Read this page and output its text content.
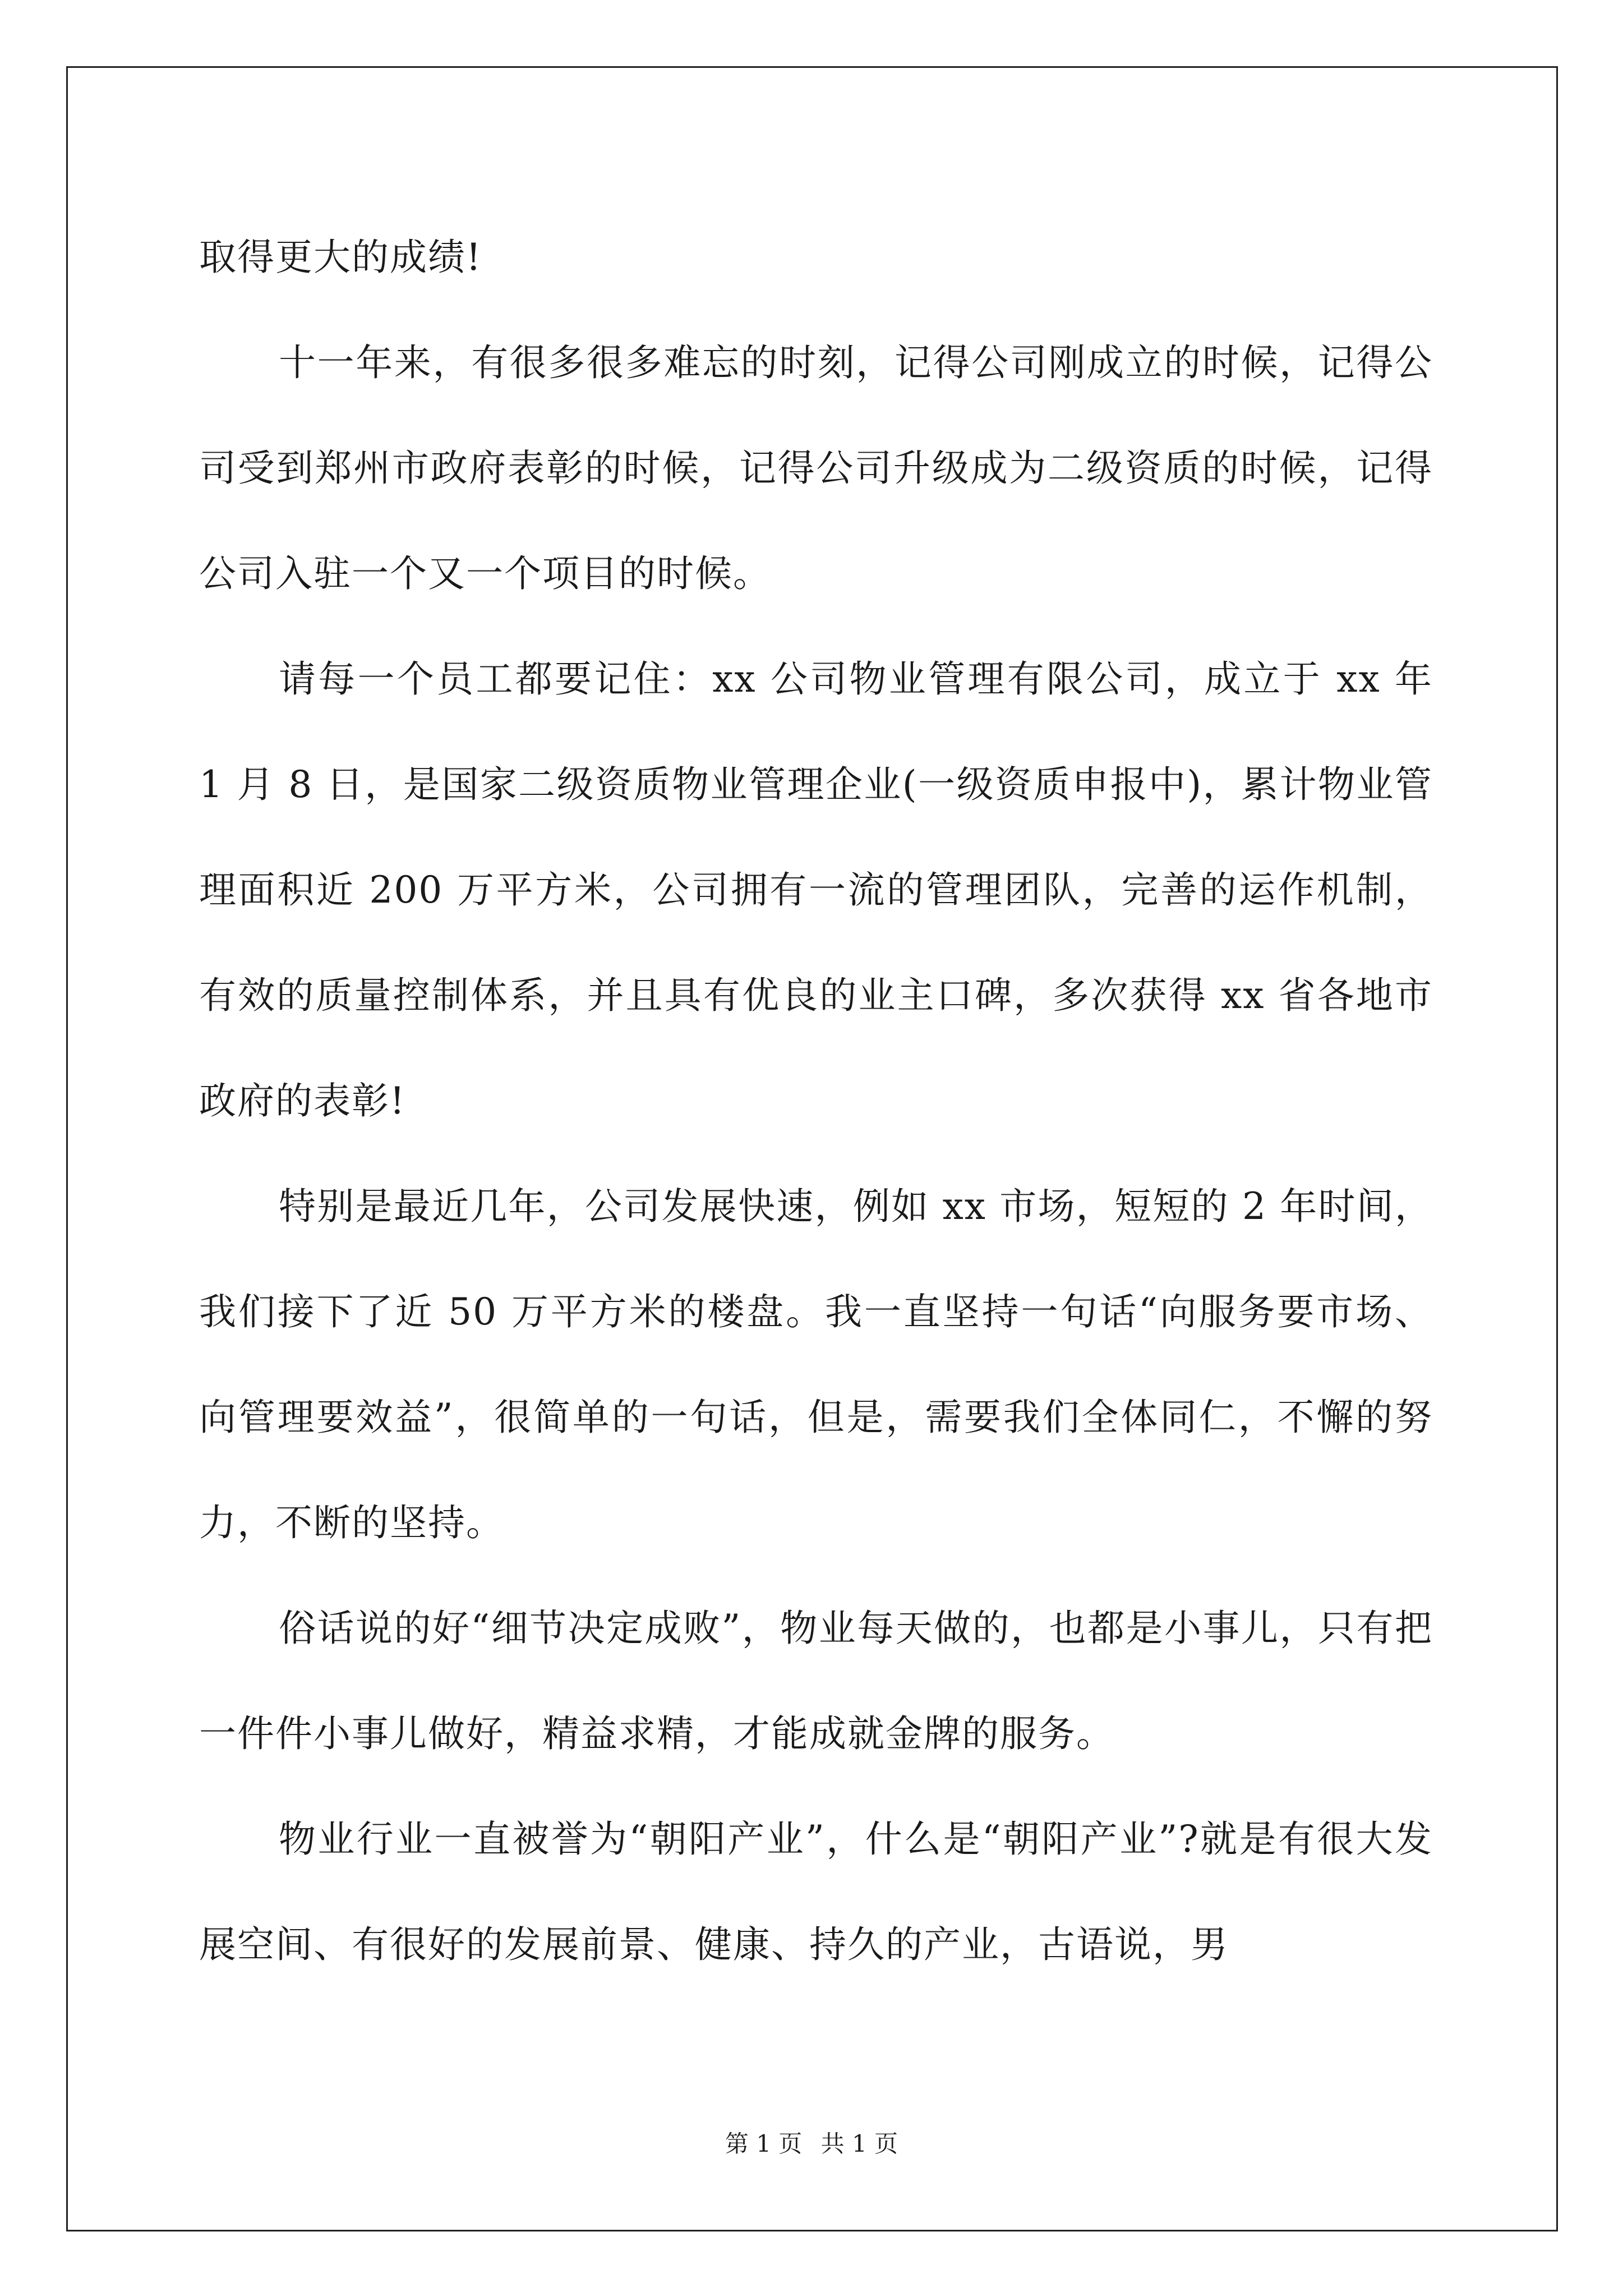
取得更大的成绩!

十一年来，有很多很多难忘的时刻，记得公司刚成立的时候，记得公司受到郑州市政府表彰的时候，记得公司升级成为二级资质的时候，记得公司入驻一个又一个项目的时候。

请每一个员工都要记住：xx 公司物业管理有限公司，成立于 xx 年 1 月 8 日，是国家二级资质物业管理企业(一级资质申报中)，累计物业管理面积近 200 万平方米，公司拥有一流的管理团队，完善的运作机制，有效的质量控制体系，并且具有优良的业主口碑，多次获得 xx 省各地市政府的表彰!

特别是最近几年，公司发展快速，例如 xx 市场，短短的 2 年时间，我们接下了近 50 万平方米的楼盘。我一直坚持一句话“向服务要市场、向管理要效益”，很简单的一句话，但是，需要我们全体同仁，不懈的努力，不断的坚持。

俗话说的好“细节决定成败”，物业每天做的，也都是小事儿，只有把一件件小事儿做好，精益求精，才能成就金牌的服务。

物业行业一直被誉为“朝阳产业”，什么是“朝阳产业”?就是有很大发展空间、有很好的发展前景、健康、持久的产业，古语说，男

第 1 页 共 1 页
